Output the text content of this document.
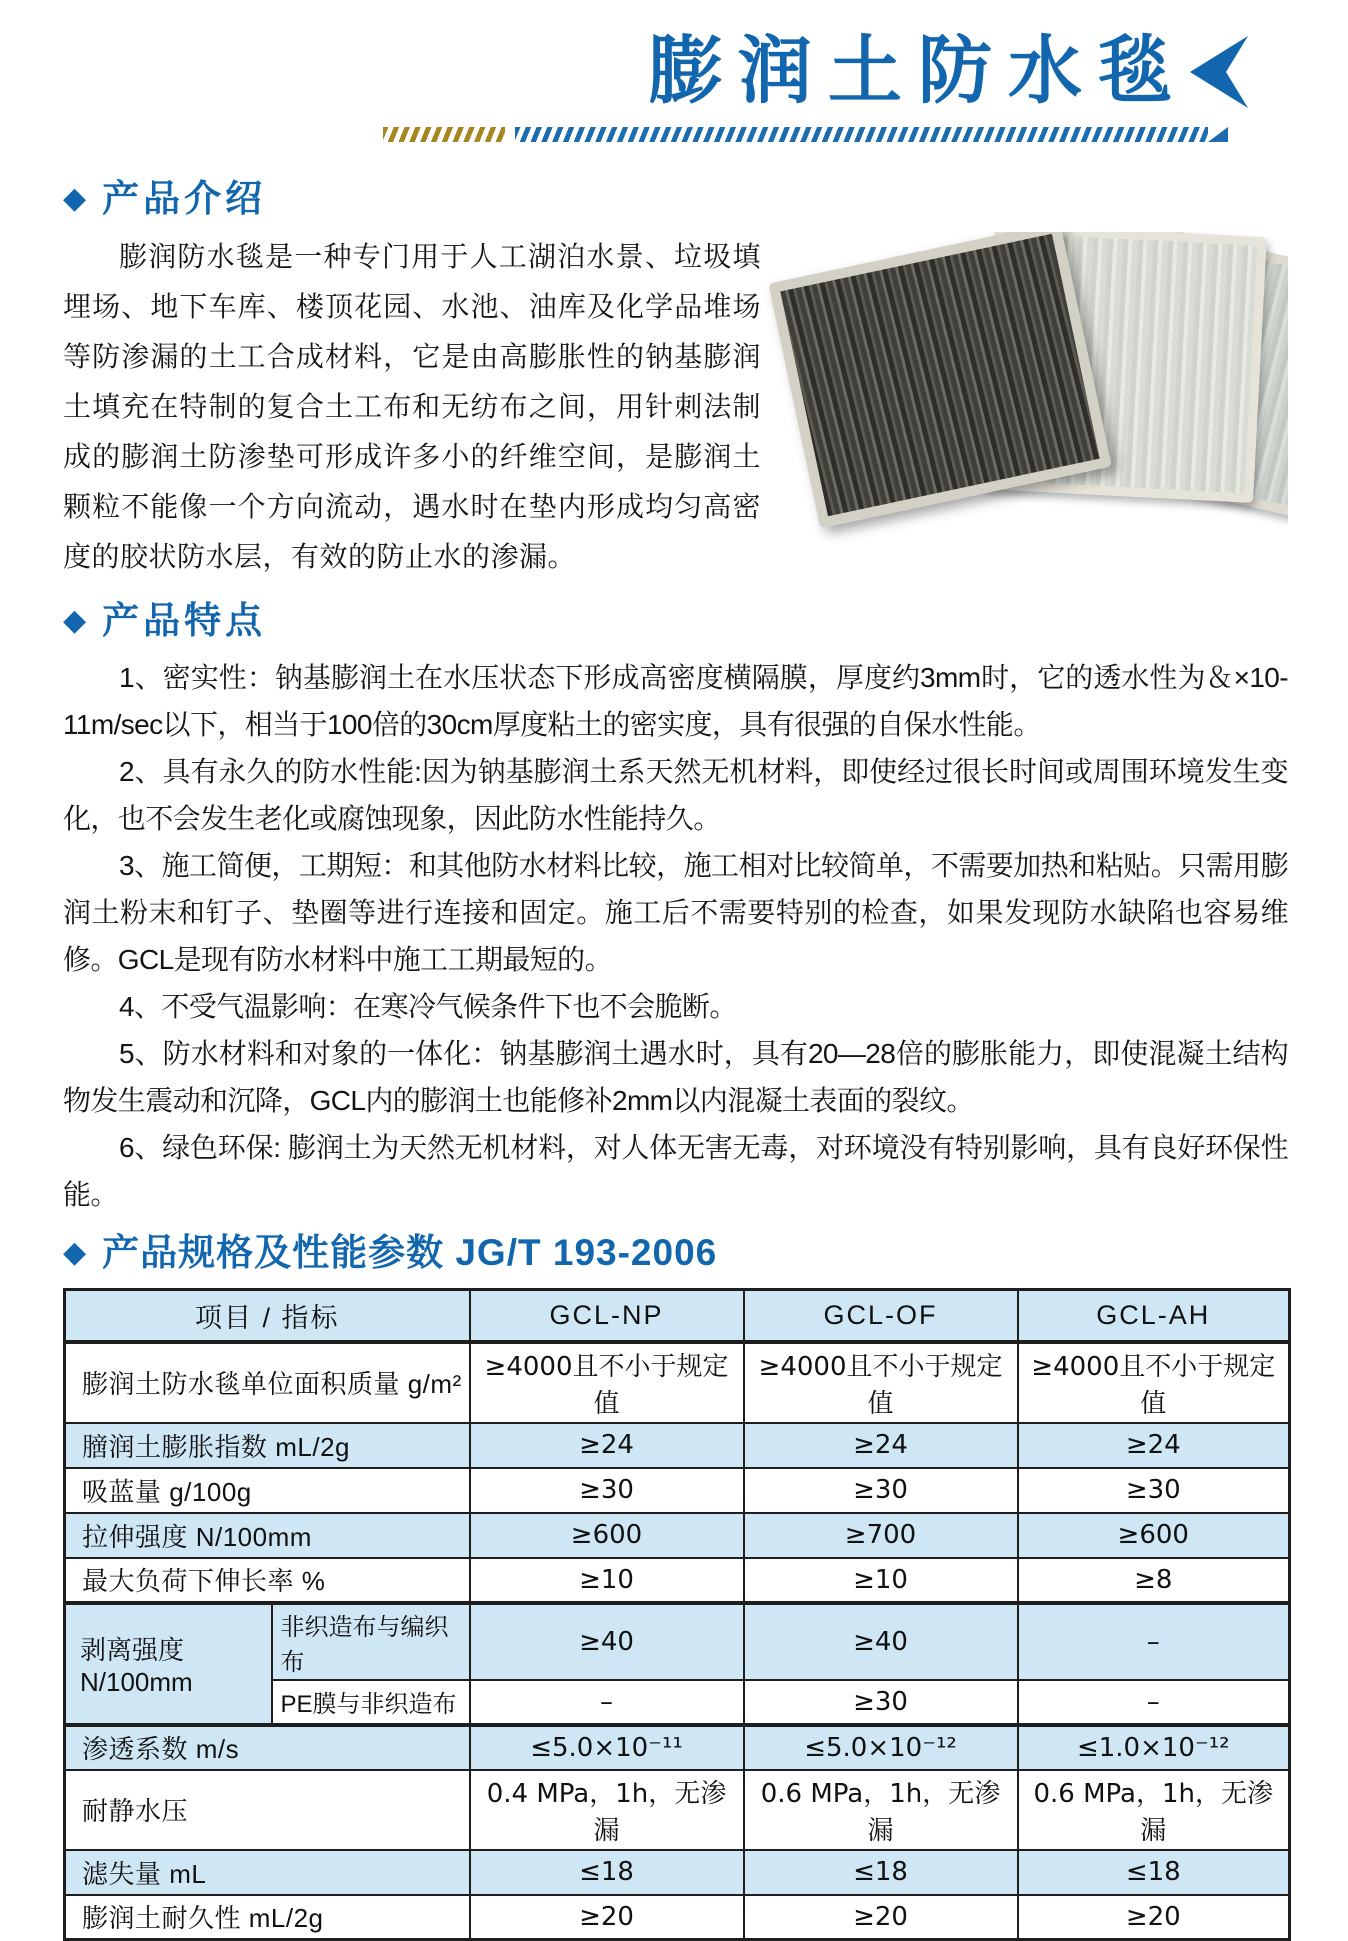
膨润土防水毯
◆ 产品介绍

膨润防水毯是一种专门用于人工湖泊水景、垃圾填埋场、地下车库、楼顶花园、水池、油库及化学品堆场等防渗漏的土工合成材料，它是由高膨胀性的钠基膨润土填充在特制的复合土工布和无纺布之间，用针刺法制成的膨润土防渗垫可形成许多小的纤维空间，是膨润土颗粒不能像一个方向流动，遇水时在垫内形成均匀高密度的胶状防水层，有效的防止水的渗漏。

◆ 产品特点

1、密实性：钠基膨润土在水压状态下形成高密度横隔膜，厚度约3mm时，它的透水性为＆×10-11m/sec以下，相当于100倍的30cm厚度粘土的密实度，具有很强的自保水性能。

2、具有永久的防水性能:因为钠基膨润土系天然无机材料，即使经过很长时间或周围环境发生变化，也不会发生老化或腐蚀现象，因此防水性能持久。

3、施工简便，工期短：和其他防水材料比较，施工相对比较简单，不需要加热和粘贴。只需用膨润土粉末和钉子、垫圈等进行连接和固定。施工后不需要特别的检查，如果发现防水缺陷也容易维修。GCL是现有防水材料中施工工期最短的。

4、不受气温影响：在寒冷气候条件下也不会脆断。

5、防水材料和对象的一体化：钠基膨润土遇水时，具有20—28倍的膨胀能力，即使混凝土结构物发生震动和沉降，GCL内的膨润土也能修补2mm以内混凝土表面的裂纹。

6、绿色环保: 膨润土为天然无机材料，对人体无害无毒，对环境没有特别影响，具有良好环保性能。

◆ 产品规格及性能参数 JG/T 193-2006
项目 / 指标		GCL-NP	GCL-OF	GCL-AH
膨润土防水毯单位面积质量 g/m²		≥4000且不小于规定值	≥4000且不小于规定值	≥4000且不小于规定值
膪润土膨胀指数 mL/2g		≥24	≥24	≥24
吸蓝量 g/100g		≥30	≥30	≥30
拉伸强度 N/100mm		≥600	≥700	≥600
最大负荷下伸长率 %		≥10	≥10	≥8
剥离强度 N/100mm	非织造布与编织布	≥40	≥40	–
	PE膜与非织造布	–	≥30	–
渗透系数 m/s		≤5.0×10⁻¹¹	≤5.0×10⁻¹²	≤1.0×10⁻¹²
耐静水压		0.4 MPa，1h，无渗漏	0.6 MPa，1h，无渗漏	0.6 MPa，1h，无渗漏
滤失量 mL		≤18	≤18	≤18
膨润土耐久性 mL/2g		≥20	≥20	≥20
